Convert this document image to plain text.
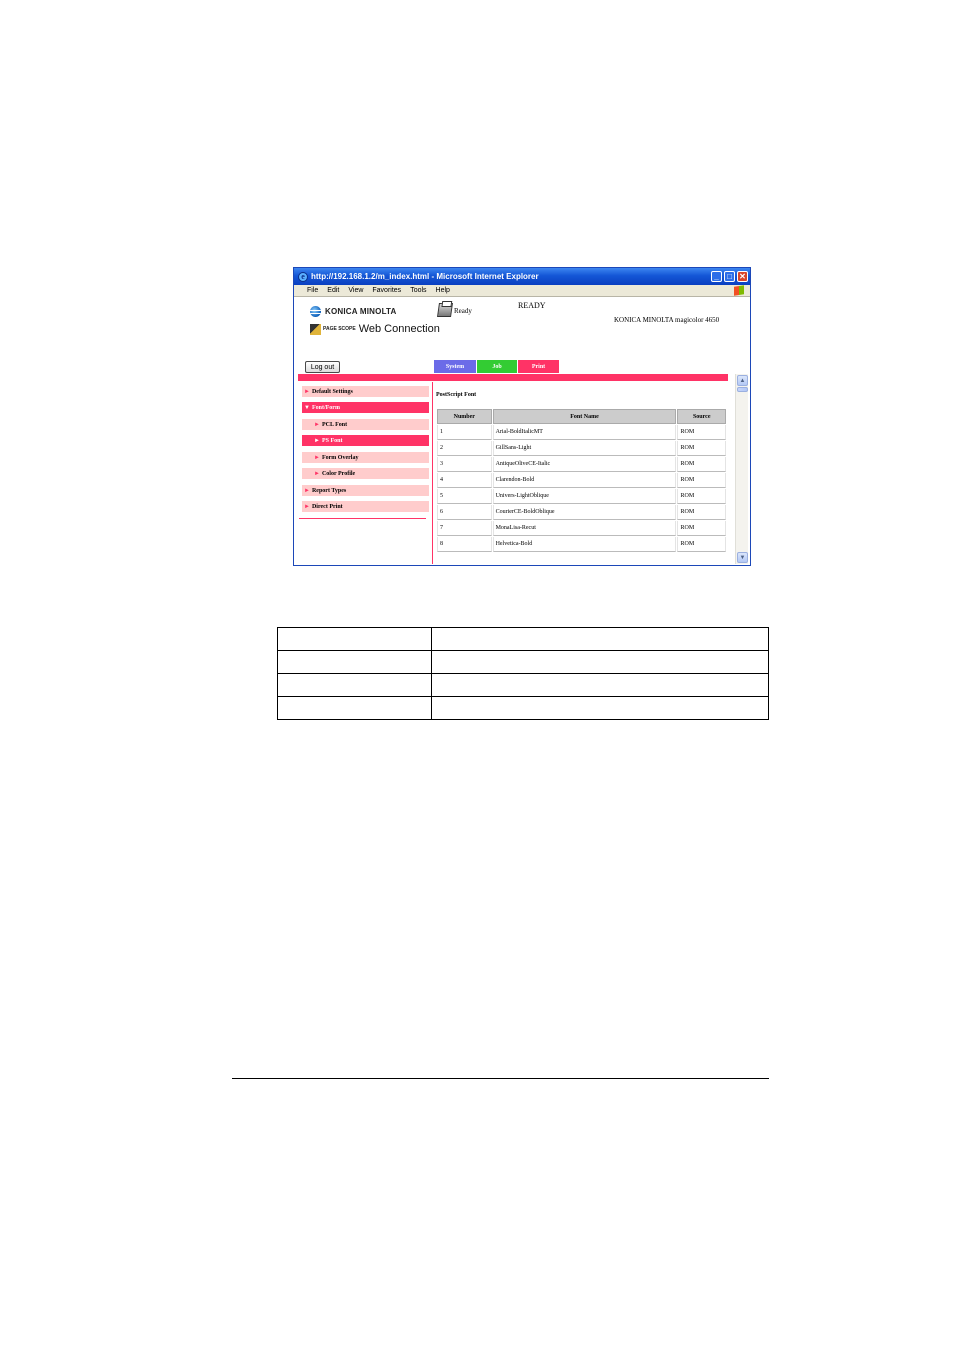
e http://192.168.1.2/m_index.html - Microsoft Internet Explorer	_	□ ✕
File Edit View Favorites Tools Help
KONICA MINOLTA
PAGE SCOPE Web Connection
Ready
READY
KONICA MINOLTA magicolor 4650
Log out	System	Job	Print
► Default Settings
▼ Font/Form
► PCL Font
► PS Font
► Form Overlay
► Color Profile
► Report Types
► Direct Print
PostScript Font
Number	Font Name	Source
1	Arial-BoldItalicMT	ROM
2	GillSans-Light	ROM
3	AntiqueOliveCE-Italic	ROM
4	Clarendon-Bold	ROM
5	Univers-LightOblique	ROM
6	CourierCE-BoldOblique	ROM
7	MonaLisa-Recut	ROM
8	Helvetica-Bold	ROM
▲
▼
